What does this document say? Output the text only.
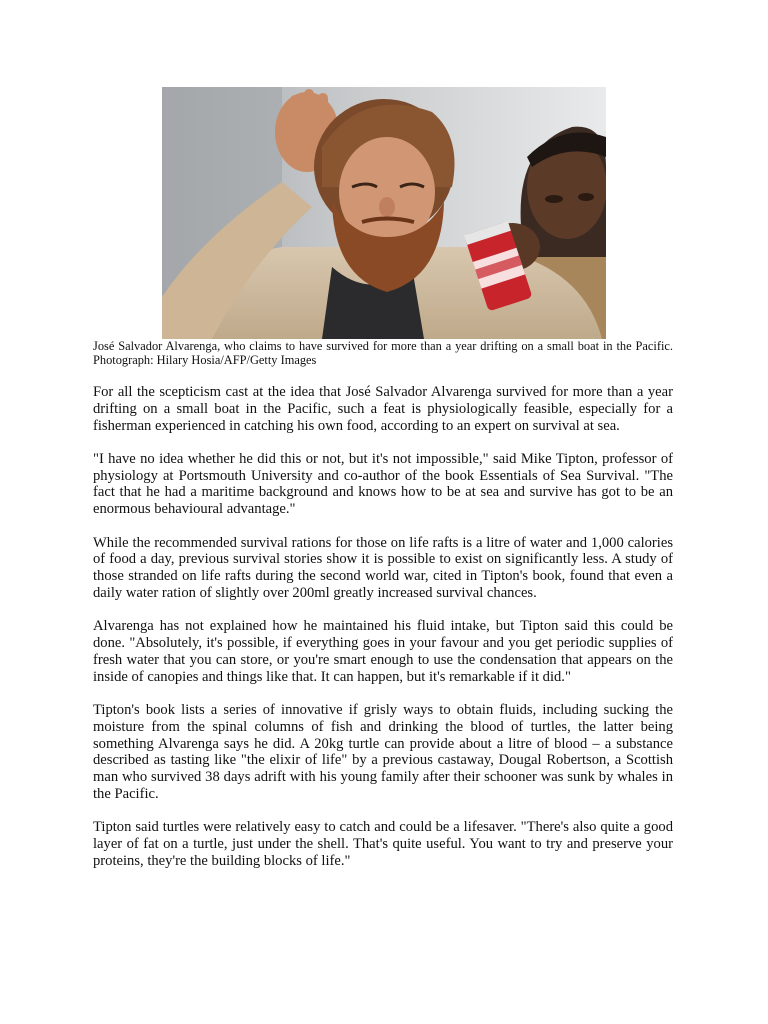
José Salvador Alvarenga, who claims to have survived for more than a year drifting on a small boat in the Pacific. Photograph: Hilary Hosia/AFP/Getty Images

For all the scepticism cast at the idea that José Salvador Alvarenga survived for more than a year drifting on a small boat in the Pacific, such a feat is physiologically feasible, especially for a fisherman experienced in catching his own food, according to an expert on survival at sea.

"I have no idea whether he did this or not, but it's not impossible," said Mike Tipton, professor of physiology at Portsmouth University and co-author of the book Essentials of Sea Survival. "The fact that he had a maritime background and knows how to be at sea and survive has got to be an enormous behavioural advantage."

While the recommended survival rations for those on life rafts is a litre of water and 1,000 calories of food a day, previous survival stories show it is possible to exist on significantly less. A study of those stranded on life rafts during the second world war, cited in Tipton's book, found that even a daily water ration of slightly over 200ml greatly increased survival chances.

Alvarenga has not explained how he maintained his fluid intake, but Tipton said this could be done. "Absolutely, it's possible, if everything goes in your favour and you get periodic supplies of fresh water that you can store, or you're smart enough to use the condensation that appears on the inside of canopies and things like that. It can happen, but it's remarkable if it did."

Tipton's book lists a series of innovative if grisly ways to obtain fluids, including sucking the moisture from the spinal columns of fish and drinking the blood of turtles, the latter being something Alvarenga says he did. A 20kg turtle can provide about a litre of blood – a substance described as tasting like "the elixir of life" by a previous castaway, Dougal Robertson, a Scottish man who survived 38 days adrift with his young family after their schooner was sunk by whales in the Pacific.

Tipton said turtles were relatively easy to catch and could be a lifesaver. "There's also quite a good layer of fat on a turtle, just under the shell. That's quite useful. You want to try and preserve your proteins, they're the building blocks of life."
